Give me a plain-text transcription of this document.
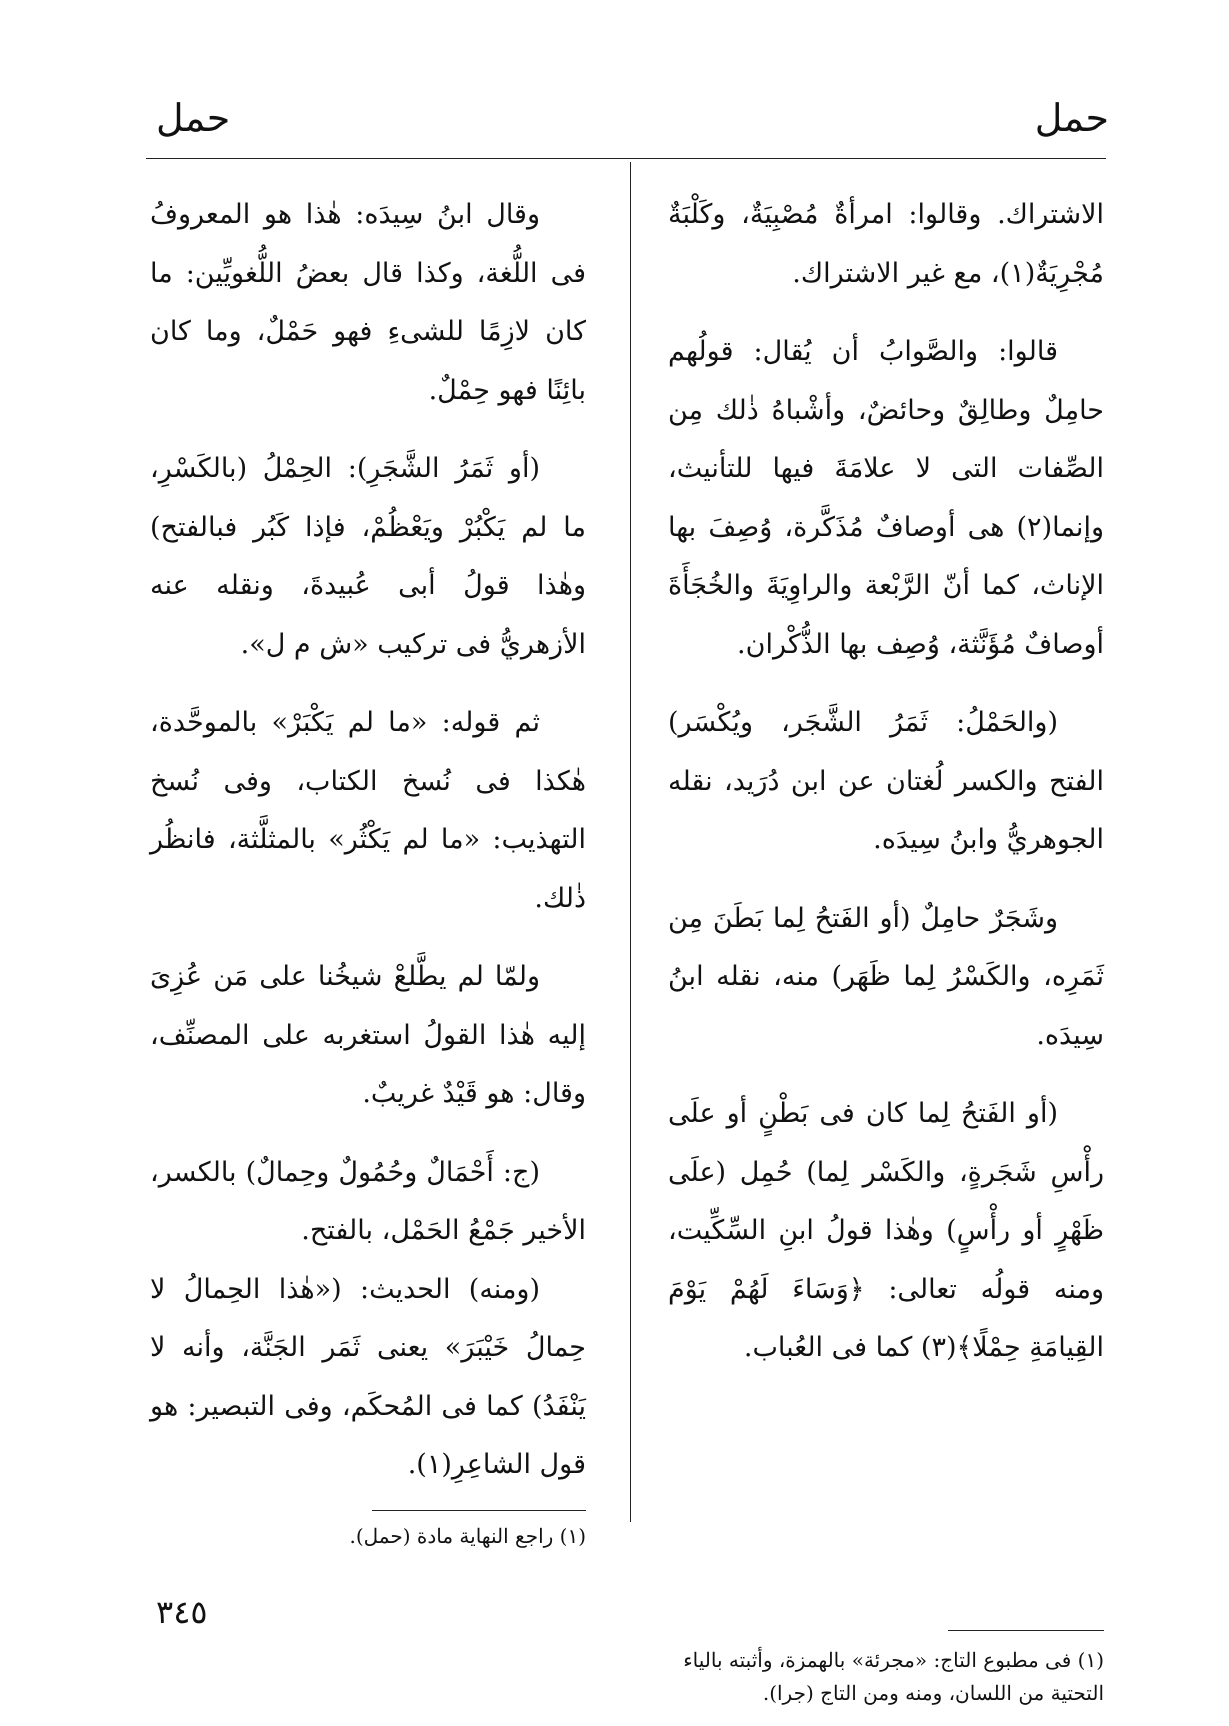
حمل
حمل

الاشتراك. وقالوا: امرأةٌ مُصْبِيَةٌ، وكَلْبَةٌ مُجْرِيَةٌ(١)، مع غير الاشتراك.

قالوا: والصَّوابُ أن يُقال: قولُهم حامِلٌ وطالِقٌ وحائضٌ، وأشْباهُ ذٰلك مِن الصِّفات التى لا علامَةَ فيها للتأنيث، وإنما(٢) هى أوصافٌ مُذَكَّرة، وُصِفَ بها الإناث، كما أنّ الرَّبْعة والراوِيَةَ والخُجَأَةَ أوصافٌ مُؤَنَّثة، وُصِف بها الذُّكْران.

(والحَمْلُ: ثَمَرُ الشَّجَر، ويُكْسَر) الفتح والكسر لُغتان عن ابن دُرَيد، نقله الجوهريُّ وابنُ سِيدَه.

وشَجَرٌ حامِلٌ (أو الفَتحُ لِما بَطَنَ مِن ثَمَرِه، والكَسْرُ لِما ظَهَر) منه، نقله ابنُ سِيدَه.

(أو الفَتحُ لِما كان فى بَطْنٍ أو علَى رأْسِ شَجَرةٍ، والكَسْر لِما) حُمِل (علَى ظَهْرٍ أو رأْسٍ) وهٰذا قولُ ابنِ السِّكِّيت، ومنه قولُه تعالى: ﴿وَسَاءَ لَهُمْ يَوْمَ القِيامَةِ حِمْلًا﴾(٣) كما فى العُباب.

وقال ابنُ سِيدَه: هٰذا هو المعروفُ فى اللُّغة، وكذا قال بعضُ اللُّغويِّين: ما كان لازِمًا للشىءِ فهو حَمْلٌ، وما كان بائِنًا فهو حِمْلٌ.

(أو ثَمَرُ الشَّجَرِ): الحِمْلُ (بالكَسْرِ، ما لم يَكْبُرْ ويَعْظُمْ، فإذا كَبُر فبالفتح) وهٰذا قولُ أبى عُبيدةَ، ونقله عنه الأزهريُّ فى تركيب «ش م ل».

ثم قوله: «ما لم يَكْبَرْ» بالموحَّدة، هٰكذا فى نُسخ الكتاب، وفى نُسخ التهذيب: «ما لم يَكْثُر» بالمثلَّثة، فانظُر ذٰلك.

ولمّا لم يطَّلعْ شيخُنا على مَن عُزِىَ إليه هٰذا القولُ استغربه على المصنِّف، وقال: هو قَيْدٌ غريبٌ.

(ج: أَحْمَالٌ وحُمُولٌ وحِمالٌ) بالكسر، الأخير جَمْعُ الحَمْل، بالفتح.

(ومنه) الحديث: («هٰذا الحِمالُ لا حِمالُ خَيْبَرَ» يعنى ثَمَر الجَنَّة، وأنه لا يَنْفَدُ) كما فى المُحكَم، وفى التبصير: هو قول الشاعِرِ(١).

(١) راجع النهاية مادة (حمل).

(١) فى مطبوع التاج: «مجرئة» بالهمزة، وأثبته بالياء التحتية من اللسان، ومنه ومن التاج (جرا).

٣٤٥
